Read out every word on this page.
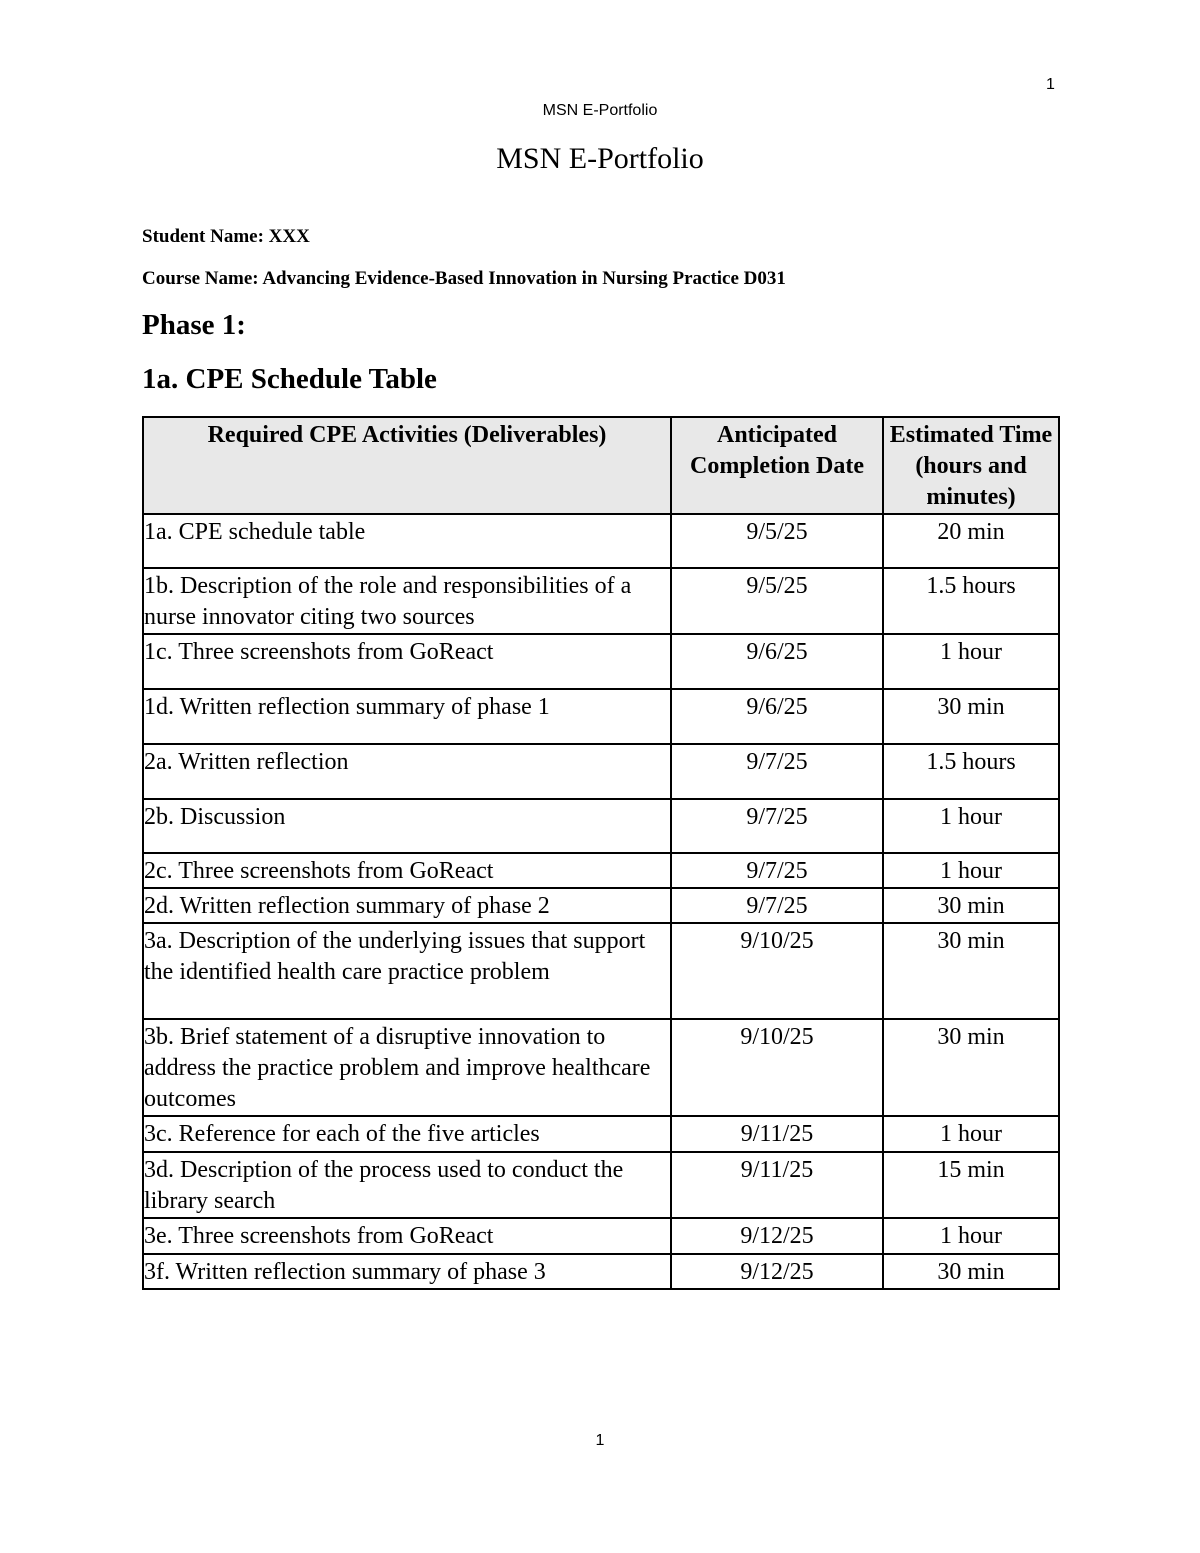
1
MSN E-Portfolio
MSN E-Portfolio
Student Name: XXX
Course Name: Advancing Evidence-Based Innovation in Nursing Practice D031
Phase 1:
1a. CPE Schedule Table
Required CPE Activities (Deliverables)	Anticipated Completion Date	Estimated Time (hours and minutes)
1a. CPE schedule table	9/5/25	20 min
1b. Description of the role and responsibilities of a nurse innovator citing two sources	9/5/25	1.5 hours
1c. Three screenshots from GoReact	9/6/25	1 hour
1d. Written reflection summary of phase 1	9/6/25	30 min
2a. Written reflection	9/7/25	1.5 hours
2b. Discussion	9/7/25	1 hour
2c. Three screenshots from GoReact	9/7/25	1 hour
2d. Written reflection summary of phase 2	9/7/25	30 min
3a. Description of the underlying issues that support the identified health care practice problem	9/10/25	30 min
3b. Brief statement of a disruptive innovation to address the practice problem and improve healthcare outcomes	9/10/25	30 min
3c. Reference for each of the five articles	9/11/25	1 hour
3d. Description of the process used to conduct the library search	9/11/25	15 min
3e. Three screenshots from GoReact	9/12/25	1 hour
3f. Written reflection summary of phase 3	9/12/25	30 min
1
